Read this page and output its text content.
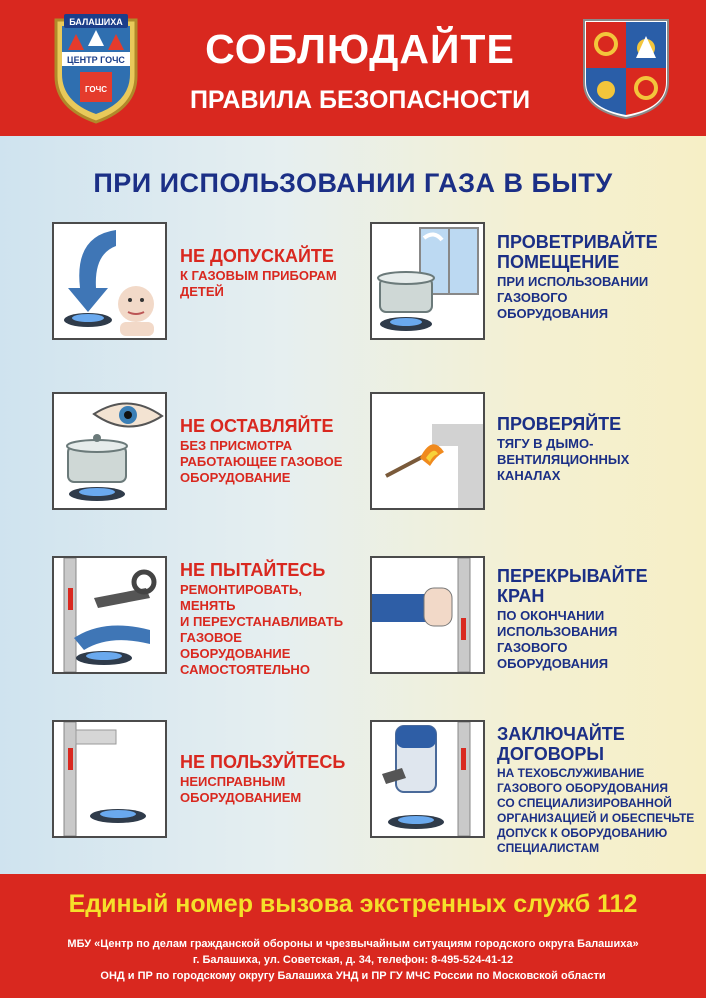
БАЛАШИХА
ЦЕНТР ГОЧС
ГОЧС
СОБЛЮДАЙТЕ
ПРАВИЛА БЕЗОПАСНОСТИ
ПРИ ИСПОЛЬЗОВАНИИ ГАЗА В БЫТУ
НЕ ДОПУСКАЙТЕ
К ГАЗОВЫМ ПРИБОРАМ
ДЕТЕЙ
НЕ ОСТАВЛЯЙТЕ
БЕЗ ПРИСМОТРА
РАБОТАЮЩЕЕ ГАЗОВОЕ
ОБОРУДОВАНИЕ
НЕ ПЫТАЙТЕСЬ
РЕМОНТИРОВАТЬ,
МЕНЯТЬ
И ПЕРЕУСТАНАВЛИВАТЬ
ГАЗОВОЕ
ОБОРУДОВАНИЕ
САМОСТОЯТЕЛЬНО
НЕ ПОЛЬЗУЙТЕСЬ
НЕИСПРАВНЫМ
ОБОРУДОВАНИЕМ
ПРОВЕТРИВАЙТЕ
ПОМЕЩЕНИЕ
ПРИ ИСПОЛЬЗОВАНИИ
ГАЗОВОГО
ОБОРУДОВАНИЯ
ПРОВЕРЯЙТЕ
ТЯГУ В ДЫМО-
ВЕНТИЛЯЦИОННЫХ
КАНАЛАХ
ПЕРЕКРЫВАЙТЕ
КРАН
ПО ОКОНЧАНИИ
ИСПОЛЬЗОВАНИЯ
ГАЗОВОГО
ОБОРУДОВАНИЯ
ЗАКЛЮЧАЙТЕ
ДОГОВОРЫ
НА ТЕХОБСЛУЖИВАНИЕ
ГАЗОВОГО ОБОРУДОВАНИЯ
СО СПЕЦИАЛИЗИРОВАННОЙ
ОРГАНИЗАЦИЕЙ И ОБЕСПЕЧЬТЕ
ДОПУСК К ОБОРУДОВАНИЮ
СПЕЦИАЛИСТАМ
Единый номер вызова экстренных служб 112
МБУ «Центр по делам гражданской обороны и чрезвычайным ситуациям городского округа Балашиха»
г. Балашиха, ул. Советская, д. 34, телефон: 8-495-524-41-12
ОНД и ПР по городскому округу Балашиха УНД и ПР ГУ МЧС России по Московской области
